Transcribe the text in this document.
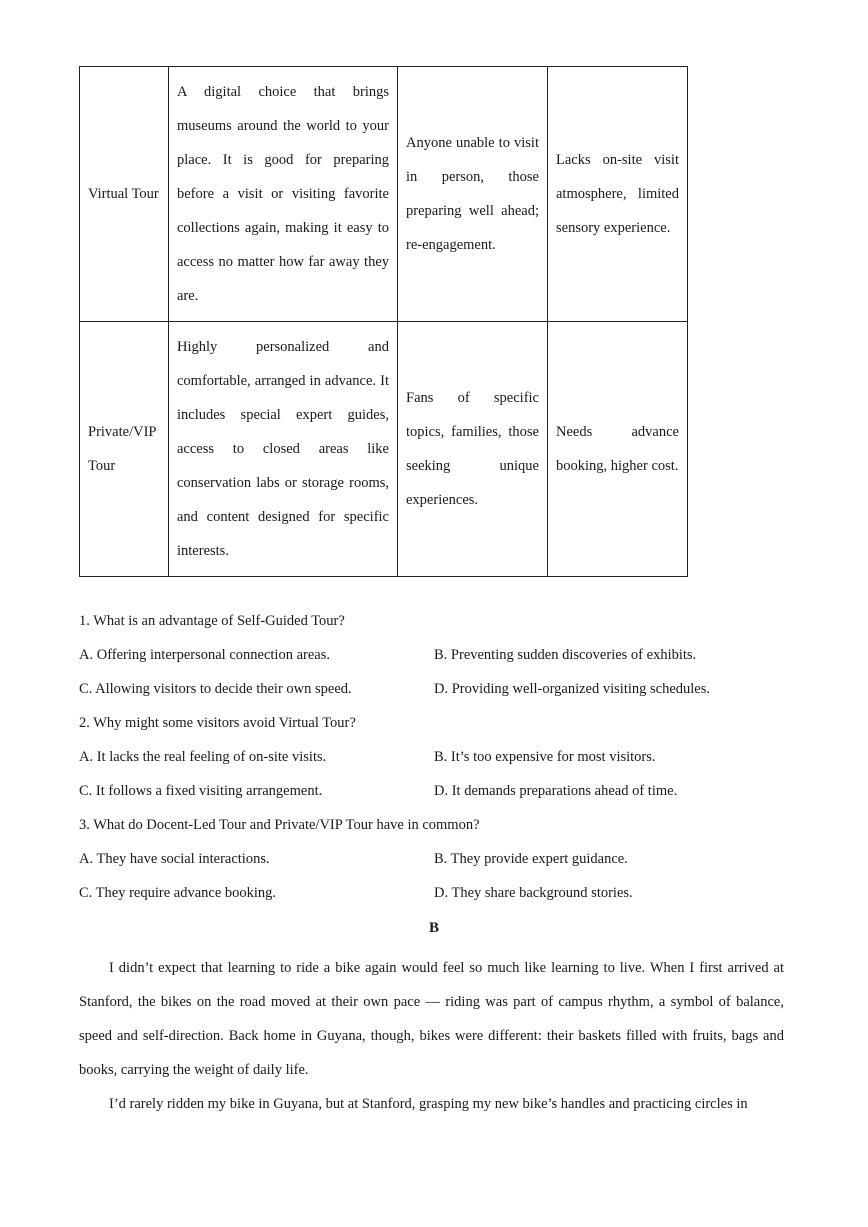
Virtual Tour	A digital choice that brings museums around the world to your place. It is good for preparing before a visit or visiting favorite collections again, making it easy to access no matter how far away they are.	Anyone unable to visit in person, those preparing well ahead; re-engagement.	Lacks on-site visit atmosphere, limited sensory experience.
Private/VIP Tour	Highly personalized and comfortable, arranged in advance. It includes special expert guides, access to closed areas like conservation labs or storage rooms, and content designed for specific interests.	Fans of specific topics, families, those seeking unique experiences.	Needs advance booking, higher cost.
1. What is an advantage of Self-Guided Tour?
A. Offering interpersonal connection areas.	B. Preventing sudden discoveries of exhibits.
C. Allowing visitors to decide their own speed.	D. Providing well-organized visiting schedules.
2. Why might some visitors avoid Virtual Tour?
A. It lacks the real feeling of on-site visits.	B. It’s too expensive for most visitors.
C. It follows a fixed visiting arrangement.	D. It demands preparations ahead of time.
3. What do Docent-Led Tour and Private/VIP Tour have in common?
A. They have social interactions.	B. They provide expert guidance.
C. They require advance booking.	D. They share background stories.
B

I didn’t expect that learning to ride a bike again would feel so much like learning to live. When I first arrived at Stanford, the bikes on the road moved at their own pace — riding was part of campus rhythm, a symbol of balance, speed and self-direction. Back home in Guyana, though, bikes were different: their baskets filled with fruits, bags and books, carrying the weight of daily life.

I’d rarely ridden my bike in Guyana, but at Stanford, grasping my new bike’s handles and practicing circles in
